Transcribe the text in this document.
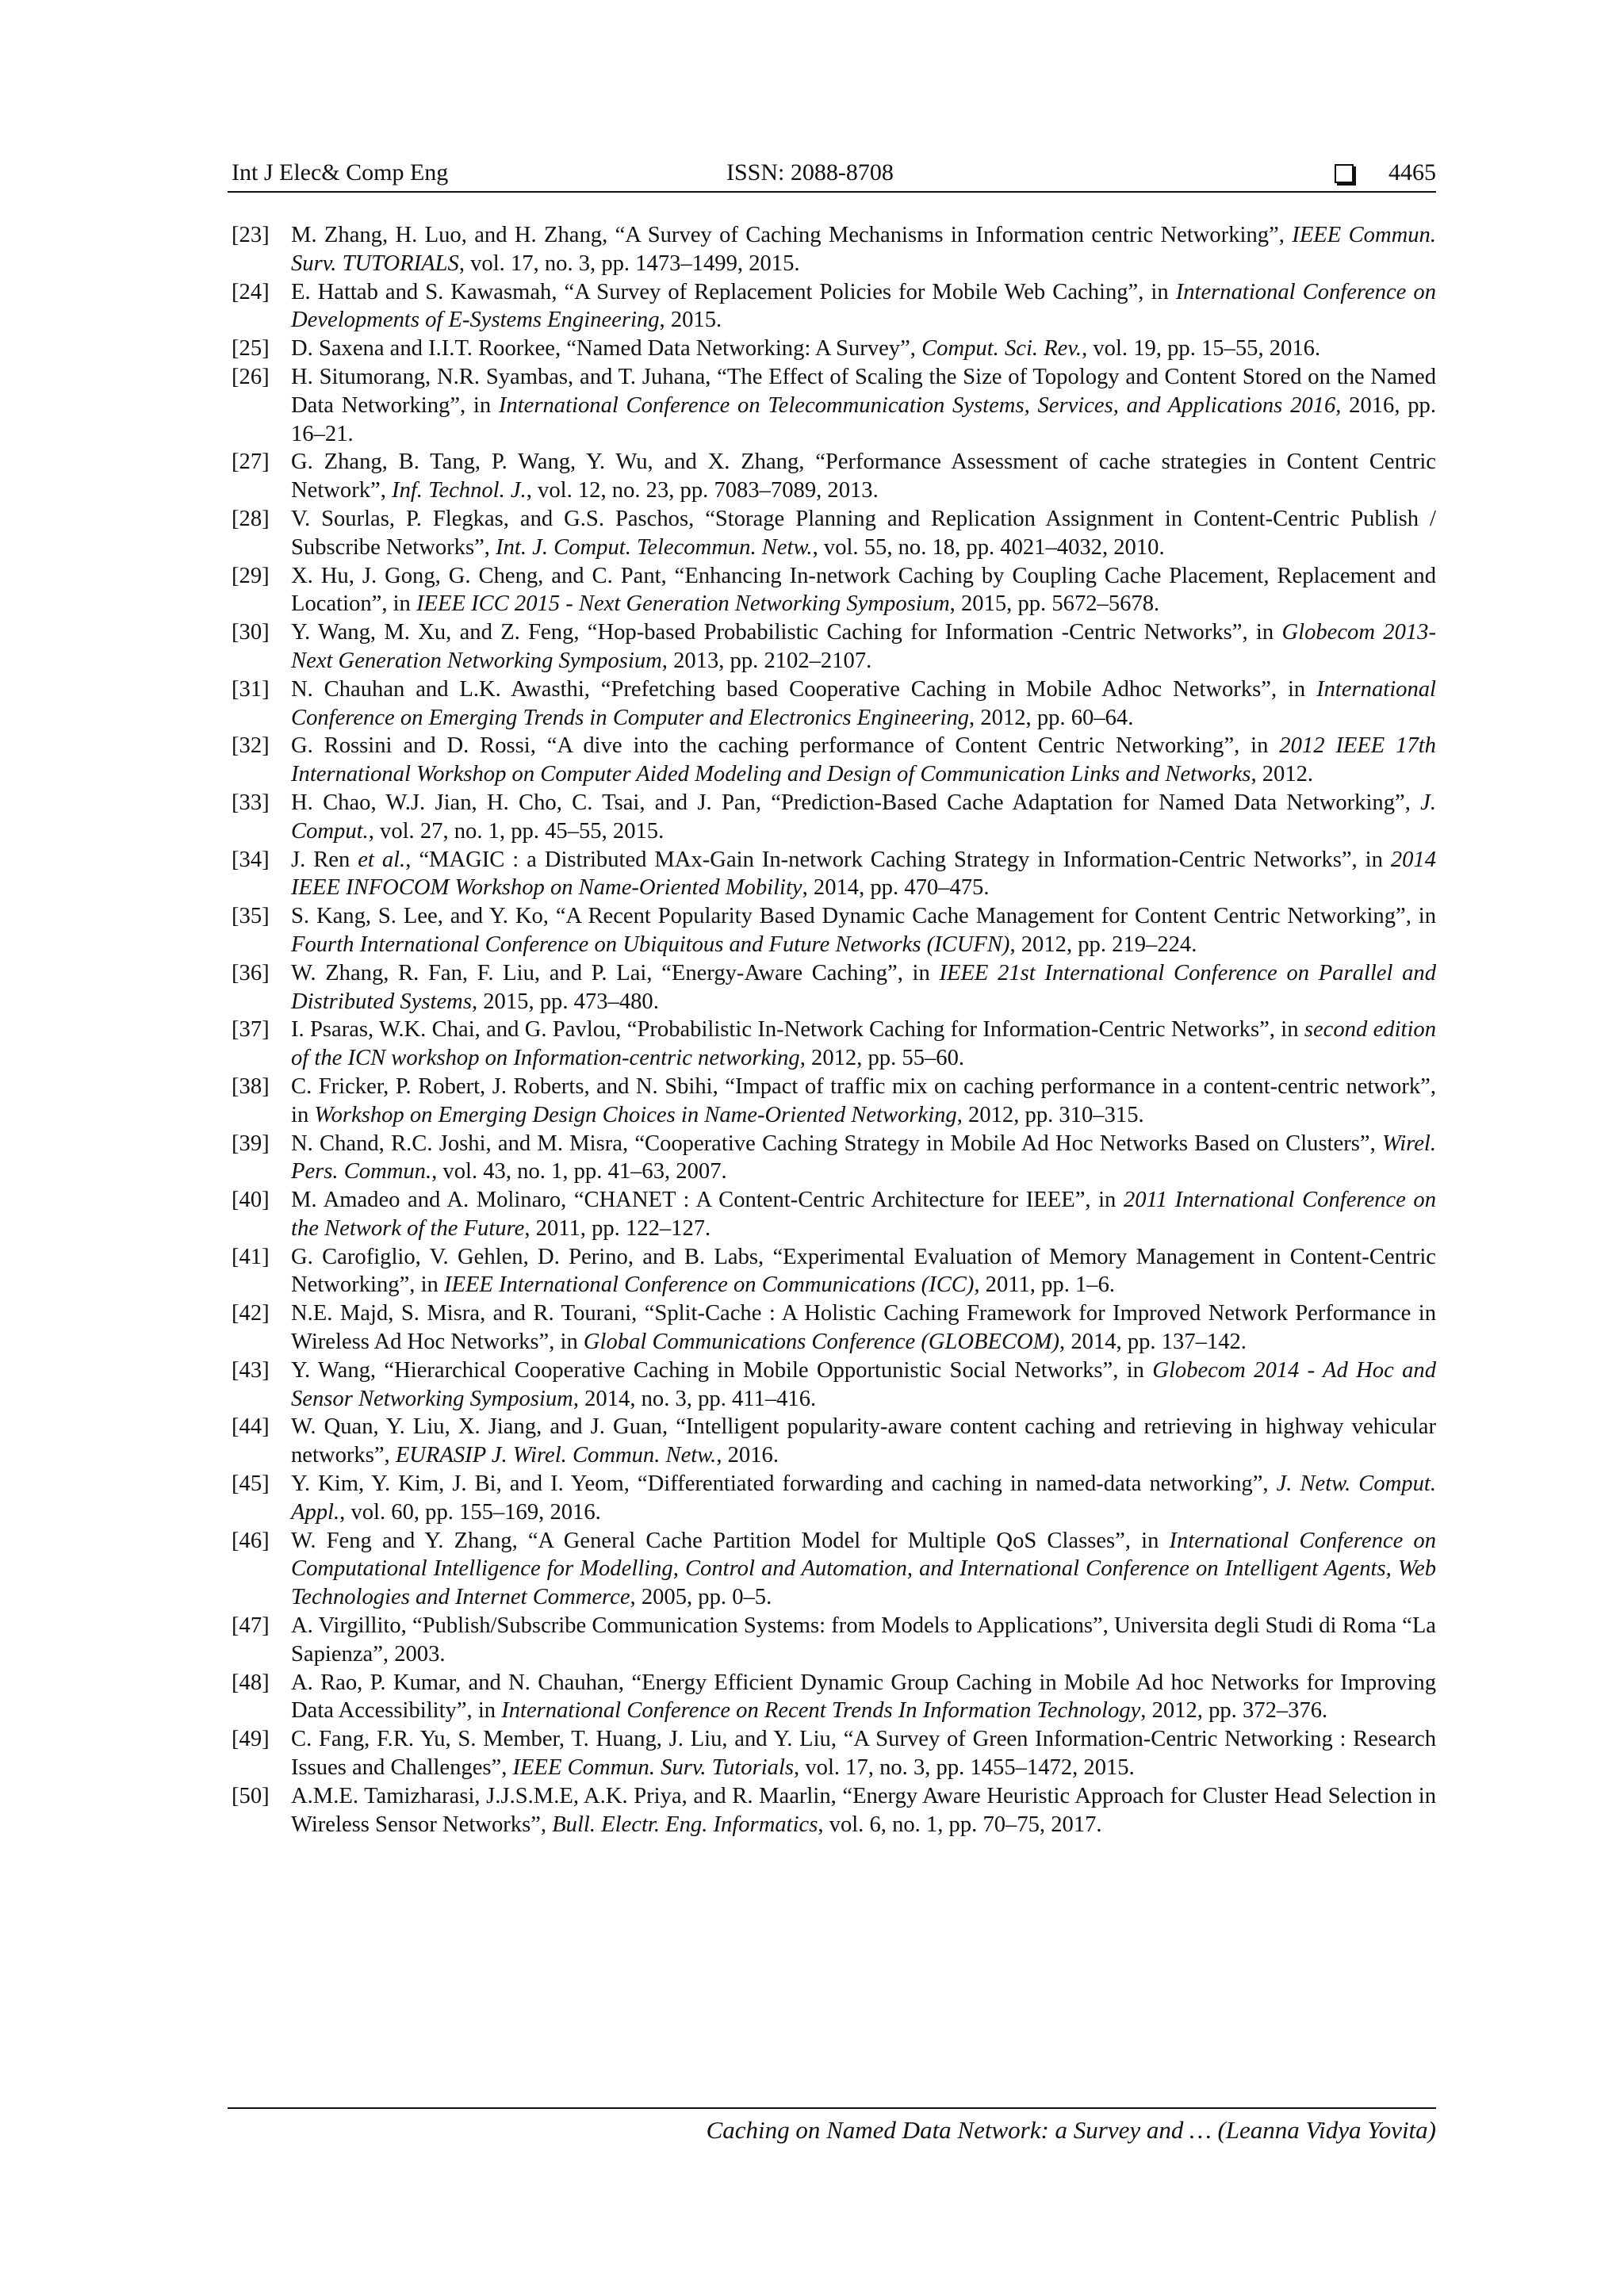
Int J Elec& Comp Eng	ISSN: 2088-8708	4465
[23] M. Zhang, H. Luo, and H. Zhang, “A Survey of Caching Mechanisms in Information centric Networking”, IEEE Commun. Surv. TUTORIALS, vol. 17, no. 3, pp. 1473–1499, 2015.
[24] E. Hattab and S. Kawasmah, “A Survey of Replacement Policies for Mobile Web Caching”, in International Conference on Developments of E-Systems Engineering, 2015.
[25] D. Saxena and I.I.T. Roorkee, “Named Data Networking: A Survey”, Comput. Sci. Rev., vol. 19, pp. 15–55, 2016.
[26] H. Situmorang, N.R. Syambas, and T. Juhana, “The Effect of Scaling the Size of Topology and Content Stored on the Named Data Networking”, in International Conference on Telecommunication Systems, Services, and Applications 2016, 2016, pp. 16–21.
[27] G. Zhang, B. Tang, P. Wang, Y. Wu, and X. Zhang, “Performance Assessment of cache strategies in Content Centric Network”, Inf. Technol. J., vol. 12, no. 23, pp. 7083–7089, 2013.
[28] V. Sourlas, P. Flegkas, and G.S. Paschos, “Storage Planning and Replication Assignment in Content-Centric Publish / Subscribe Networks”, Int. J. Comput. Telecommun. Netw., vol. 55, no. 18, pp. 4021–4032, 2010.
[29] X. Hu, J. Gong, G. Cheng, and C. Pant, “Enhancing In-network Caching by Coupling Cache Placement, Replacement and Location”, in IEEE ICC 2015 - Next Generation Networking Symposium, 2015, pp. 5672–5678.
[30] Y. Wang, M. Xu, and Z. Feng, “Hop-based Probabilistic Caching for Information -Centric Networks”, in Globecom 2013- Next Generation Networking Symposium, 2013, pp. 2102–2107.
[31] N. Chauhan and L.K. Awasthi, “Prefetching based Cooperative Caching in Mobile Adhoc Networks”, in International Conference on Emerging Trends in Computer and Electronics Engineering, 2012, pp. 60–64.
[32] G. Rossini and D. Rossi, “A dive into the caching performance of Content Centric Networking”, in 2012 IEEE 17th International Workshop on Computer Aided Modeling and Design of Communication Links and Networks, 2012.
[33] H. Chao, W.J. Jian, H. Cho, C. Tsai, and J. Pan, “Prediction-Based Cache Adaptation for Named Data Networking”, J. Comput., vol. 27, no. 1, pp. 45–55, 2015.
[34] J. Ren et al., “MAGIC : a Distributed MAx-Gain In-network Caching Strategy in Information-Centric Networks”, in 2014 IEEE INFOCOM Workshop on Name-Oriented Mobility, 2014, pp. 470–475.
[35] S. Kang, S. Lee, and Y. Ko, “A Recent Popularity Based Dynamic Cache Management for Content Centric Networking”, in Fourth International Conference on Ubiquitous and Future Networks (ICUFN), 2012, pp. 219–224.
[36] W. Zhang, R. Fan, F. Liu, and P. Lai, “Energy-Aware Caching”, in IEEE 21st International Conference on Parallel and Distributed Systems, 2015, pp. 473–480.
[37] I. Psaras, W.K. Chai, and G. Pavlou, “Probabilistic In-Network Caching for Information-Centric Networks”, in second edition of the ICN workshop on Information-centric networking, 2012, pp. 55–60.
[38] C. Fricker, P. Robert, J. Roberts, and N. Sbihi, “Impact of traffic mix on caching performance in a content-centric network”, in Workshop on Emerging Design Choices in Name-Oriented Networking, 2012, pp. 310–315.
[39] N. Chand, R.C. Joshi, and M. Misra, “Cooperative Caching Strategy in Mobile Ad Hoc Networks Based on Clusters”, Wirel. Pers. Commun., vol. 43, no. 1, pp. 41–63, 2007.
[40] M. Amadeo and A. Molinaro, “CHANET : A Content-Centric Architecture for IEEE”, in 2011 International Conference on the Network of the Future, 2011, pp. 122–127.
[41] G. Carofiglio, V. Gehlen, D. Perino, and B. Labs, “Experimental Evaluation of Memory Management in Content-Centric Networking”, in IEEE International Conference on Communications (ICC), 2011, pp. 1–6.
[42] N.E. Majd, S. Misra, and R. Tourani, “Split-Cache : A Holistic Caching Framework for Improved Network Performance in Wireless Ad Hoc Networks”, in Global Communications Conference (GLOBECOM), 2014, pp. 137–142.
[43] Y. Wang, “Hierarchical Cooperative Caching in Mobile Opportunistic Social Networks”, in Globecom 2014 - Ad Hoc and Sensor Networking Symposium, 2014, no. 3, pp. 411–416.
[44] W. Quan, Y. Liu, X. Jiang, and J. Guan, “Intelligent popularity-aware content caching and retrieving in highway vehicular networks”, EURASIP J. Wirel. Commun. Netw., 2016.
[45] Y. Kim, Y. Kim, J. Bi, and I. Yeom, “Differentiated forwarding and caching in named-data networking”, J. Netw. Comput. Appl., vol. 60, pp. 155–169, 2016.
[46] W. Feng and Y. Zhang, “A General Cache Partition Model for Multiple QoS Classes”, in International Conference on Computational Intelligence for Modelling, Control and Automation, and International Conference on Intelligent Agents, Web Technologies and Internet Commerce, 2005, pp. 0–5.
[47] A. Virgillito, “Publish/Subscribe Communication Systems: from Models to Applications”, Universita degli Studi di Roma “La Sapienza”, 2003.
[48] A. Rao, P. Kumar, and N. Chauhan, “Energy Efficient Dynamic Group Caching in Mobile Ad hoc Networks for Improving Data Accessibility”, in International Conference on Recent Trends In Information Technology, 2012, pp. 372–376.
[49] C. Fang, F.R. Yu, S. Member, T. Huang, J. Liu, and Y. Liu, “A Survey of Green Information-Centric Networking : Research Issues and Challenges”, IEEE Commun. Surv. Tutorials, vol. 17, no. 3, pp. 1455–1472, 2015.
[50] A.M.E. Tamizharasi, J.J.S.M.E, A.K. Priya, and R. Maarlin, “Energy Aware Heuristic Approach for Cluster Head Selection in Wireless Sensor Networks”, Bull. Electr. Eng. Informatics, vol. 6, no. 1, pp. 70–75, 2017.
Caching on Named Data Network: a Survey and … (Leanna Vidya Yovita)
